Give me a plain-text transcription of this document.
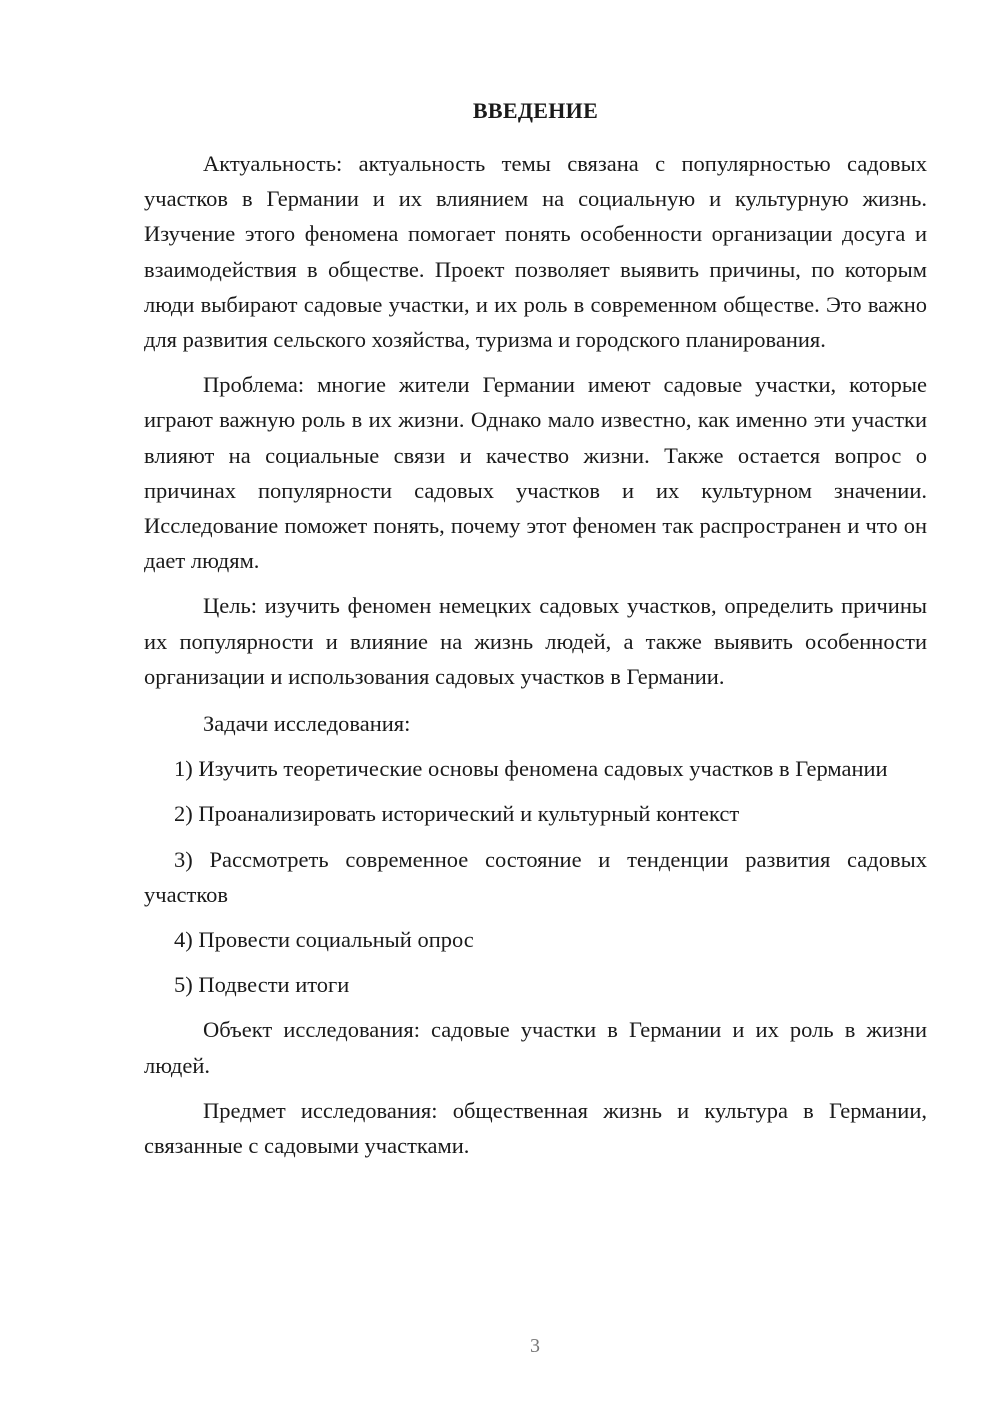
ВВЕДЕНИЕ

Актуальность: актуальность темы связана с популярностью садовых участков в Германии и их влиянием на социальную и культурную жизнь. Изучение этого феномена помогает понять особенности организации досуга и взаимодействия в обществе. Проект позволяет выявить причины, по которым люди выбирают садовые участки, и их роль в современном обществе. Это важно для развития сельского хозяйства, туризма и городского планирования.

Проблема: многие жители Германии имеют садовые участки, которые играют важную роль в их жизни. Однако мало известно, как именно эти участки влияют на социальные связи и качество жизни. Также остается вопрос о причинах популярности садовых участков и их культурном значении. Исследование поможет понять, почему этот феномен так распространен и что он дает людям.

Цель: изучить феномен немецких садовых участков, определить причины их популярности и влияние на жизнь людей, а также выявить особенности организации и использования садовых участков в Германии.

Задачи исследования:

1) Изучить теоретические основы феномена садовых участков в Германии
2) Проанализировать исторический и культурный контекст
3) Рассмотреть современное состояние и тенденции развития садовых участков
4) Провести социальный опрос
5) Подвести итоги

Объект исследования: садовые участки в Германии и их роль в жизни людей.

Предмет исследования: общественная жизнь и культура в Германии, связанные с садовыми участками.

3
